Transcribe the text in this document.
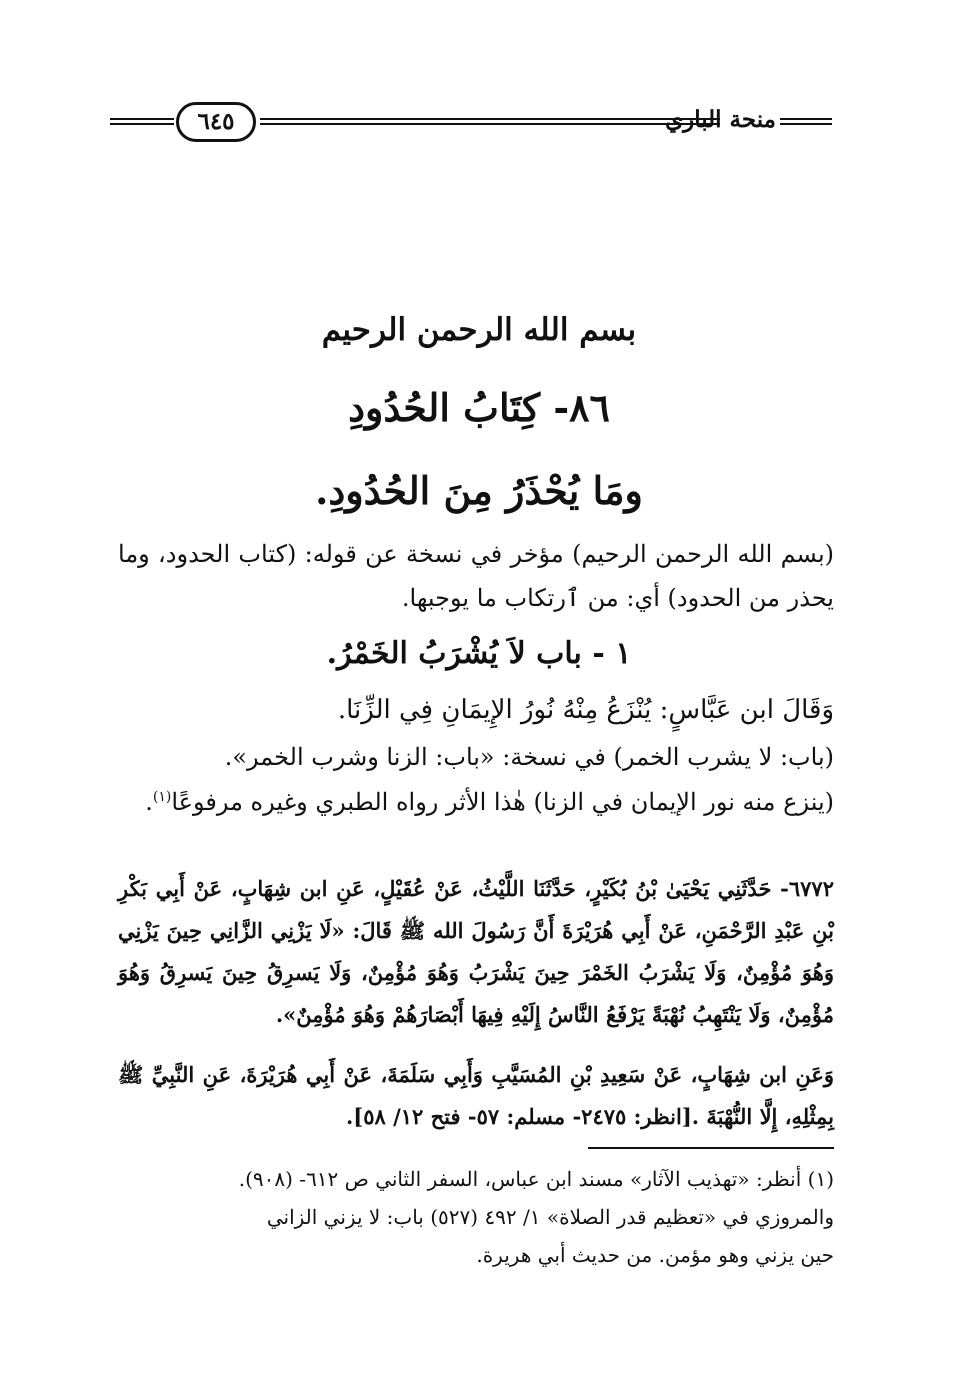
٦٤٥	منحة الباري
بسم الله الرحمن الرحيم
٨٦- كِتَابُ الحُدُودِ
ومَا يُحْذَرُ مِنَ الحُدُودِ.
(بسم الله الرحمن الرحيم) مؤخر في نسخة عن قوله: (كتاب الحدود، وما يحذر من الحدود) أي: من ٱرتكاب ما يوجبها.
١ - باب لاَ يُشْرَبُ الخَمْرُ.
وَقَالَ ابن عَبَّاسٍ: يُنْزَعُ مِنْهُ نُورُ الإِيمَانِ فِي الزِّنَا.
(باب: لا يشرب الخمر) في نسخة: «باب: الزنا وشرب الخمر».
(ينزع منه نور الإيمان في الزنا) هٰذا الأثر رواه الطبري وغيره مرفوعًا$^{(١)}$.
٦٧٧٢- حَدَّثَنِي يَحْيَىٰ بْنُ بُكَيْرٍ، حَدَّثَنَا اللَّيْثُ، عَنْ عُقَيْلٍ، عَنِ ابن شِهَابٍ، عَنْ أَبِي بَكْرِ بْنِ عَبْدِ الرَّحْمَنِ، عَنْ أَبِي هُرَيْرَةَ أَنَّ رَسُولَ الله ﷺ قَالَ: «لَا يَزْنِي الزَّانِي حِينَ يَزْنِي وَهُوَ مُؤْمِنٌ، وَلَا يَشْرَبُ الخَمْرَ حِينَ يَشْرَبُ وَهُوَ مُؤْمِنٌ، وَلَا يَسرِقُ حِينَ يَسرِقُ وَهُوَ مُؤْمِنٌ، وَلَا يَنْتَهِبُ نُهْبَةً يَرْفَعُ النَّاسُ إِلَيْهِ فِيهَا أَبْصَارَهُمْ وَهُوَ مُؤْمِنٌ».
وَعَنِ ابن شِهَابٍ، عَنْ سَعِيدِ بْنِ المُسَيَّبِ وَأَبِي سَلَمَةَ، عَنْ أَبِي هُرَيْرَةَ، عَنِ النَّبِيِّ ﷺ بِمِثْلِهِ، إِلَّا النُّهْبَةَ .[انظر: ٢٤٧٥- مسلم: ٥٧- فتح ١٢/ ٥٨].
(١) أنظر: «تهذيب الآثار» مسند ابن عباس، السفر الثاني ص ٦١٢- (٩٠٨).
والمروزي في «تعظيم قدر الصلاة» ١/ ٤٩٢ (٥٢٧) باب: لا يزني الزاني
حين يزني وهو مؤمن. من حديث أبي هريرة.
